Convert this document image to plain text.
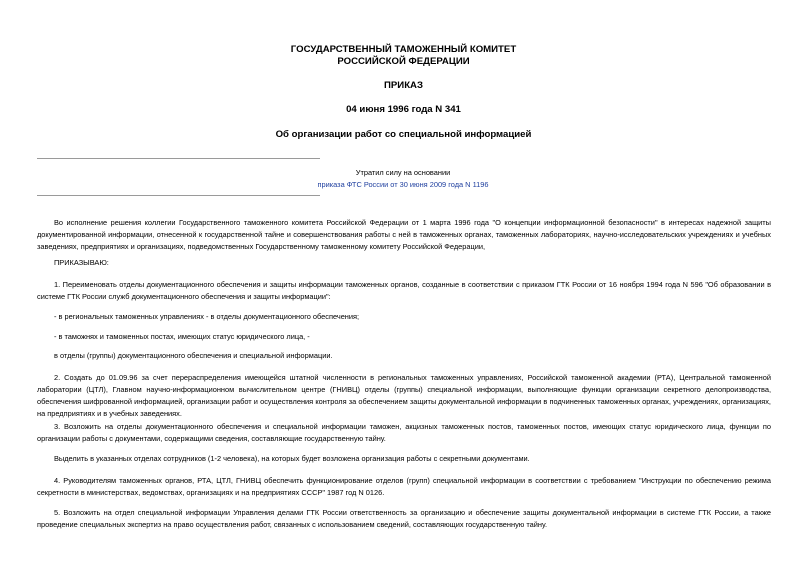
ГОСУДАРСТВЕННЫЙ ТАМОЖЕННЫЙ КОМИТЕТ
РОССИЙСКОЙ ФЕДЕРАЦИИ
ПРИКАЗ
04 июня 1996 года N 341
Об организации работ со специальной информацией
Утратил силу на основании
приказа ФТС России от 30 июня 2009 года N 1196
Во исполнение решения коллегии Государственного таможенного комитета Российской Федерации от 1 марта 1996 года "О концепции информационной безопасности" в интересах надежной защиты документированной информации, отнесенной к государственной тайне и совершенствования работы с ней в таможенных органах, таможенных лабораториях, научно-исследовательских учреждениях и учебных заведениях, предприятиях и организациях, подведомственных Государственному таможенному комитету Российской Федерации,
ПРИКАЗЫВАЮ:
1. Переименовать отделы документационного обеспечения и защиты информации таможенных органов, созданные в соответствии с приказом ГТК России от 16 ноября 1994 года N 596 "Об образовании в системе ГТК России служб документационного обеспечения и защиты информации":
- в региональных таможенных управлениях - в отделы документационного обеспечения;
- в таможнях и таможенных постах, имеющих статус юридического лица, -
в отделы (группы) документационного обеспечения и специальной информации.
2. Создать до 01.09.96 за счет перераспределения имеющейся штатной численности в региональных таможенных управлениях, Российской таможенной академии (РТА), Центральной таможенной лаборатории (ЦТЛ), Главном научно-информационном вычислительном центре (ГНИВЦ) отделы (группы) специальной информации, выполняющие функции организации секретного делопроизводства, обеспечения шифрованной информацией, организации работ и осуществления контроля за обеспечением защиты документальной информации в подчиненных таможенных органах, учреждениях, организациях, на предприятиях и в учебных заведениях.
3. Возложить на отделы документационного обеспечения и специальной информации таможен, акцизных таможенных постов, таможенных постов, имеющих статус юридического лица, функции по организации работы с документами, содержащими сведения, составляющие государственную тайну.
Выделить в указанных отделах сотрудников (1-2 человека), на которых будет возложена организация работы с секретными документами.
4. Руководителям таможенных органов, РТА, ЦТЛ, ГНИВЦ обеспечить функционирование отделов (групп) специальной информации в соответствии с требованием "Инструкции по обеспечению режима секретности в министерствах, ведомствах, организациях и на предприятиях СССР" 1987 год N 0126.
5. Возложить на отдел специальной информации Управления делами ГТК России ответственность за организацию и обеспечение защиты документальной информации в системе ГТК России, а также проведение специальных экспертиз на право осуществления работ, связанных с использованием сведений, составляющих государственную тайну.
